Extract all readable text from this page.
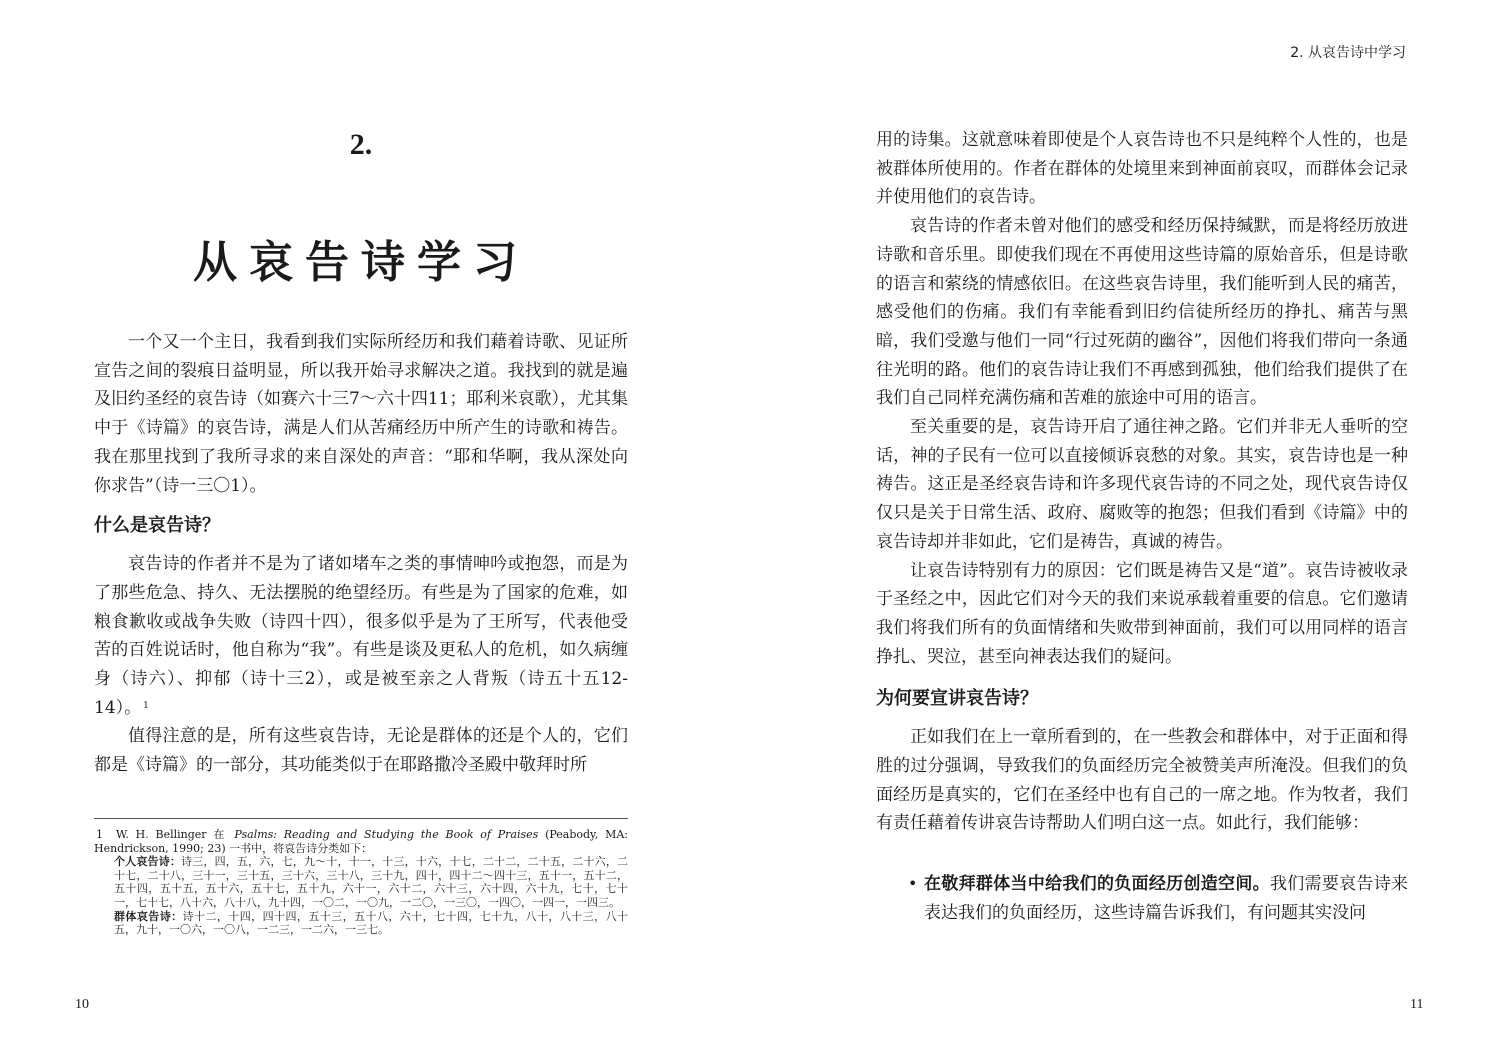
2.
从哀告诗学习

一个又一个主日，我看到我们实际所经历和我们藉着诗歌、见证所宣告之间的裂痕日益明显，所以我开始寻求解决之道。我找到的就是遍及旧约圣经的哀告诗（如赛六十三7～六十四11；耶利米哀歌），尤其集中于《诗篇》的哀告诗，满是人们从苦痛经历中所产生的诗歌和祷告。我在那里找到了我所寻求的来自深处的声音：“耶和华啊，我从深处向你求告”（诗一三〇1）。

什么是哀告诗？

哀告诗的作者并不是为了诸如堵车之类的事情呻吟或抱怨，而是为了那些危急、持久、无法摆脱的绝望经历。有些是为了国家的危难，如粮食歉收或战争失败（诗四十四），很多似乎是为了王所写，代表他受苦的百姓说话时，他自称为“我”。有些是谈及更私人的危机，如久病缠身（诗六）、抑郁（诗十三2），或是被至亲之人背叛（诗五十五12-14）。 $^1$

值得注意的是，所有这些哀告诗，无论是群体的还是个人的，它们都是《诗篇》的一部分，其功能类似于在耶路撒冷圣殿中敬拜时所

1 W. H. Bellinger 在 Psalms: Reading and Studying the Book of Praises (Peabody, MA: Hendrickson, 1990; 23) 一书中，将哀告诗分类如下：
个人哀告诗：诗三，四，五，六，七，九～十，十一，十三，十六，十七，二十二，二十五，二十六，二十七，二十八，三十一，三十五，三十六，三十八，三十九，四十，四十二～四十三，五十一，五十二，五十四，五十五，五十六，五十七，五十九，六十一，六十二，六十三，六十四，六十九，七十，七十一，七十七，八十六，八十八，九十四，一〇二，一〇九，一二〇，一三〇，一四〇，一四一，一四三。
群体哀告诗：诗十二，十四，四十四，五十三，五十八，六十，七十四，七十九，八十，八十三，八十五，九十，一〇六，一〇八，一二三，一二六，一三七。
10
2. 从哀告诗中学习

用的诗集。这就意味着即使是个人哀告诗也不只是纯粹个人性的，也是被群体所使用的。作者在群体的处境里来到神面前哀叹，而群体会记录并使用他们的哀告诗。

哀告诗的作者未曾对他们的感受和经历保持缄默，而是将经历放进诗歌和音乐里。即使我们现在不再使用这些诗篇的原始音乐，但是诗歌的语言和萦绕的情感依旧。在这些哀告诗里，我们能听到人民的痛苦，感受他们的伤痛。我们有幸能看到旧约信徒所经历的挣扎、痛苦与黑暗，我们受邀与他们一同“行过死荫的幽谷”，因他们将我们带向一条通往光明的路。他们的哀告诗让我们不再感到孤独，他们给我们提供了在我们自己同样充满伤痛和苦难的旅途中可用的语言。

至关重要的是，哀告诗开启了通往神之路。它们并非无人垂听的空话，神的子民有一位可以直接倾诉哀愁的对象。其实，哀告诗也是一种祷告。这正是圣经哀告诗和许多现代哀告诗的不同之处，现代哀告诗仅仅只是关于日常生活、政府、腐败等的抱怨；但我们看到《诗篇》中的哀告诗却并非如此，它们是祷告，真诚的祷告。

让哀告诗特别有力的原因：它们既是祷告又是“道”。哀告诗被收录于圣经之中，因此它们对今天的我们来说承载着重要的信息。它们邀请我们将我们所有的负面情绪和失败带到神面前，我们可以用同样的语言挣扎、哭泣，甚至向神表达我们的疑问。

为何要宣讲哀告诗？

正如我们在上一章所看到的，在一些教会和群体中，对于正面和得胜的过分强调，导致我们的负面经历完全被赞美声所淹没。但我们的负面经历是真实的，它们在圣经中也有自己的一席之地。作为牧者，我们有责任藉着传讲哀告诗帮助人们明白这一点。如此行，我们能够：

• 在敬拜群体当中给我们的负面经历创造空间。我们需要哀告诗来表达我们的负面经历，这些诗篇告诉我们，有问题其实没问
11
